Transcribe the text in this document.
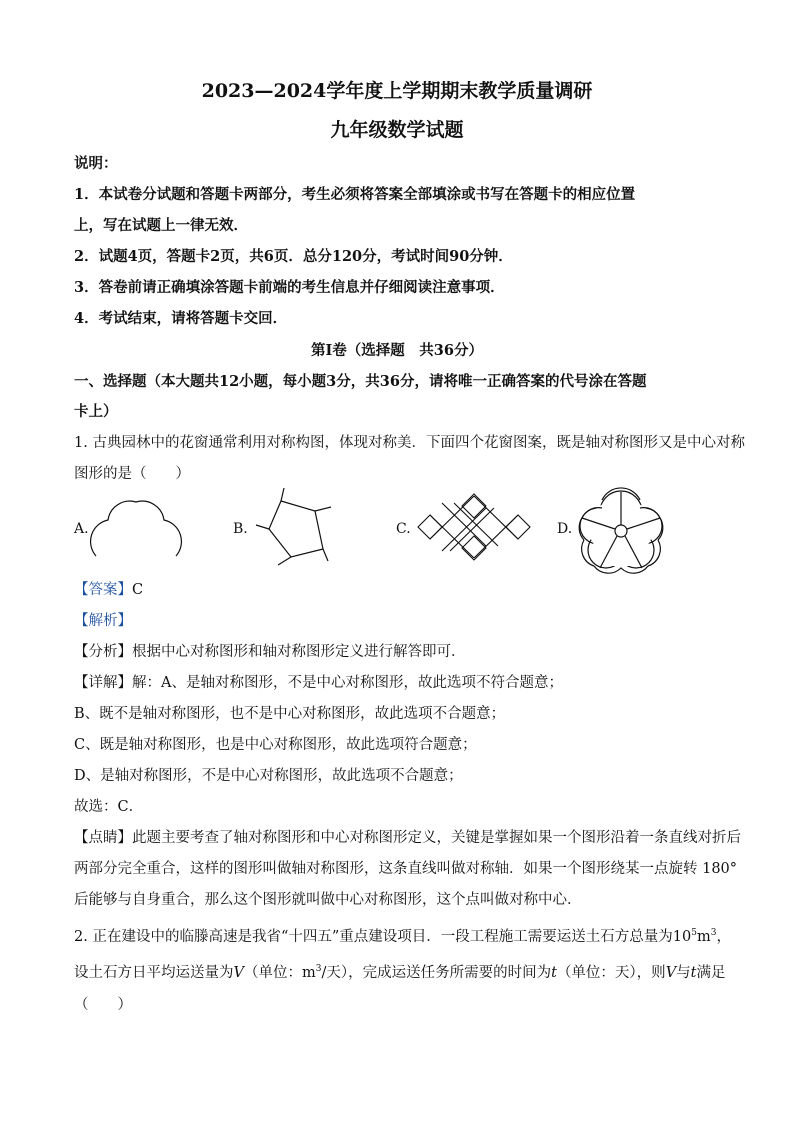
2023—2024学年度上学期期末教学质量调研
九年级数学试题
说明：
1．本试卷分试题和答题卡两部分，考生必须将答案全部填涂或书写在答题卡的相应位置
上，写在试题上一律无效．
2．试题4页，答题卡2页，共6页．总分120分，考试时间90分钟．
3．答卷前请正确填涂答题卡前端的考生信息并仔细阅读注意事项．
4．考试结束，请将答题卡交回．
第Ⅰ卷（选择题　共36分）
一、选择题（本大题共12小题，每小题3分，共36分，请将唯一正确答案的代号涂在答题
卡上）
1. 古典园林中的花窗通常利用对称构图，体现对称美．下面四个花窗图案，既是轴对称图形又是中心对称
图形的是（　　）
A.	B.	C.	D.
【答案】C
【解析】
【分析】根据中心对称图形和轴对称图形定义进行解答即可．
【详解】解：A、是轴对称图形，不是中心对称图形，故此选项不符合题意；
B、既不是轴对称图形，也不是中心对称图形，故此选项不合题意；
C、既是轴对称图形，也是中心对称图形，故此选项符合题意；
D、是轴对称图形，不是中心对称图形，故此选项不合题意；
故选：C．
【点睛】此题主要考查了轴对称图形和中心对称图形定义，关键是掌握如果一个图形沿着一条直线对折后
两部分完全重合，这样的图形叫做轴对称图形，这条直线叫做对称轴．如果一个图形绕某一点旋转 180°
后能够与自身重合，那么这个图形就叫做中心对称图形，这个点叫做对称中心．
2. 正在建设中的临滕高速是我省“十四五”重点建设项目．一段工程施工需要运送土石方总量为$10^5m^3$，
设土石方日平均运送量为V（单位：$m^3/$天），完成运送任务所需要的时间为t（单位：天），则V与t满足
（　　）
